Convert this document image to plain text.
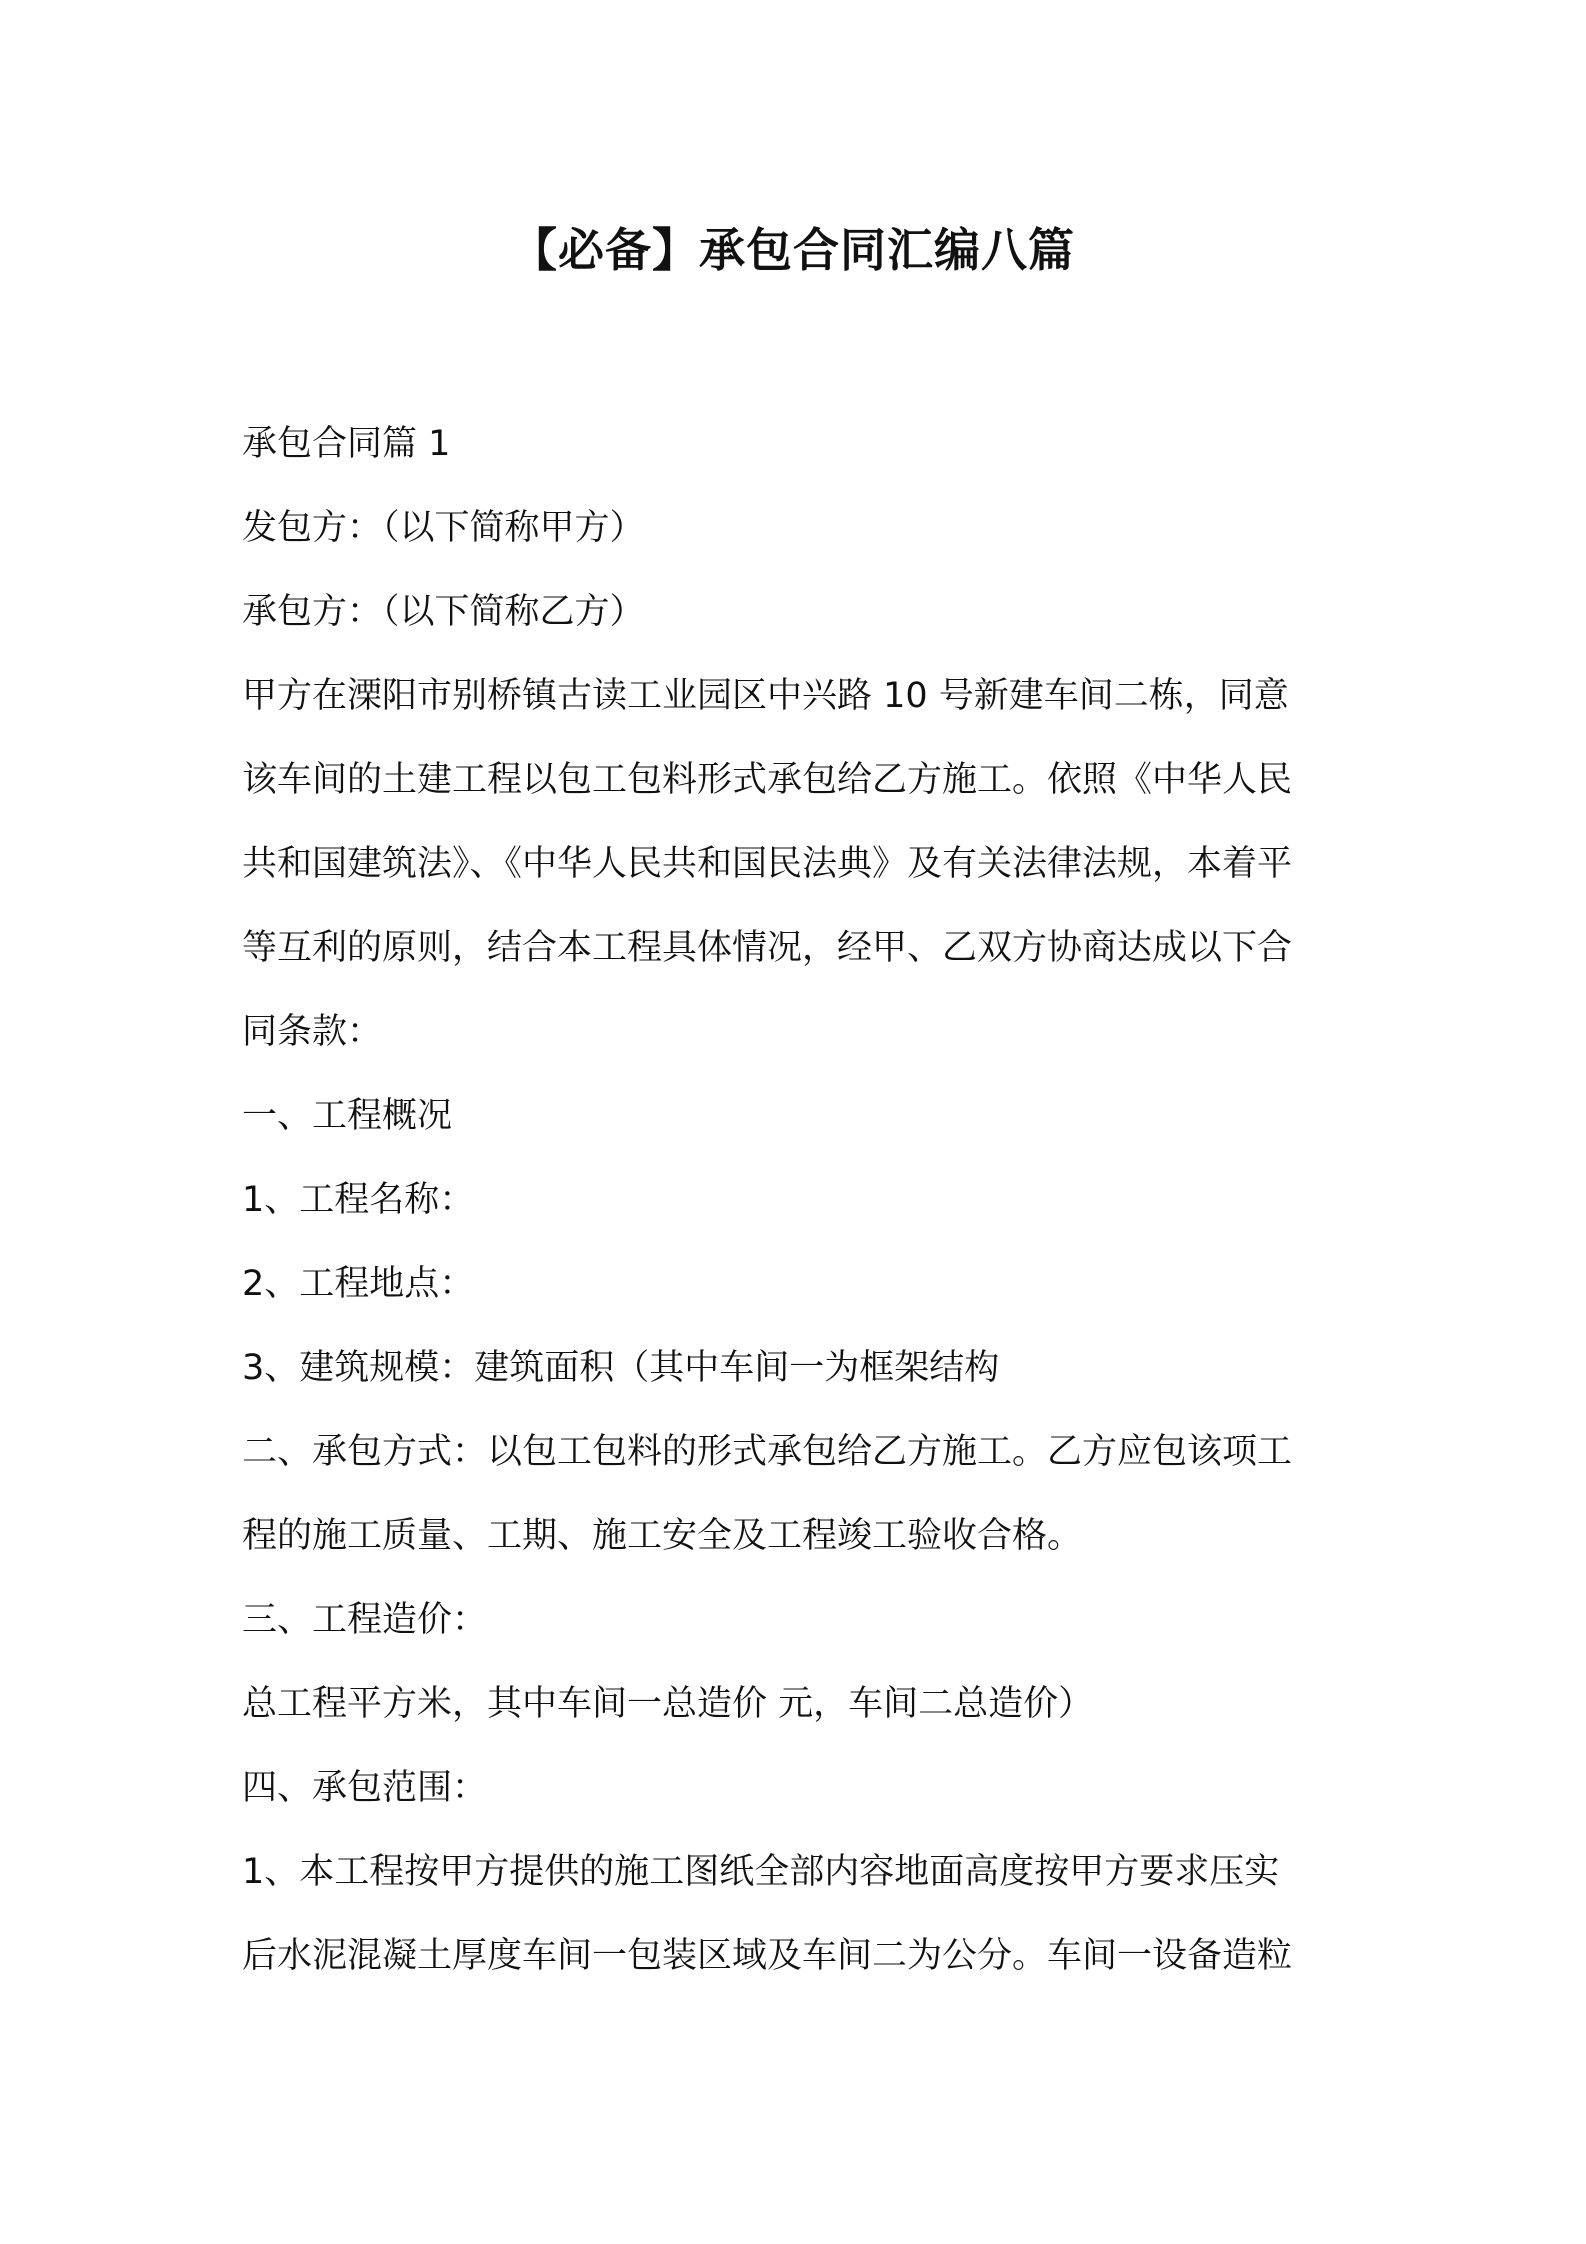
【必备】承包合同汇编八篇
承包合同篇 1
发包方：（以下简称甲方）
承包方：（以下简称乙方）
甲方在溧阳市别桥镇古读工业园区中兴路 10 号新建车间二栋，同意
该车间的土建工程以包工包料形式承包给乙方施工。依照《中华人民
共和国建筑法》、《中华人民共和国民法典》及有关法律法规，本着平
等互利的原则，结合本工程具体情况，经甲、乙双方协商达成以下合
同条款：
一、工程概况
1、工程名称：
2、工程地点：
3、建筑规模：建筑面积（其中车间一为框架结构
二、承包方式：以包工包料的形式承包给乙方施工。乙方应包该项工
程的施工质量、工期、施工安全及工程竣工验收合格。
三、工程造价：
总工程平方米，其中车间一总造价 元，车间二总造价）
四、承包范围：
1、本工程按甲方提供的施工图纸全部内容地面高度按甲方要求压实
后水泥混凝土厚度车间一包装区域及车间二为公分。车间一设备造粒
